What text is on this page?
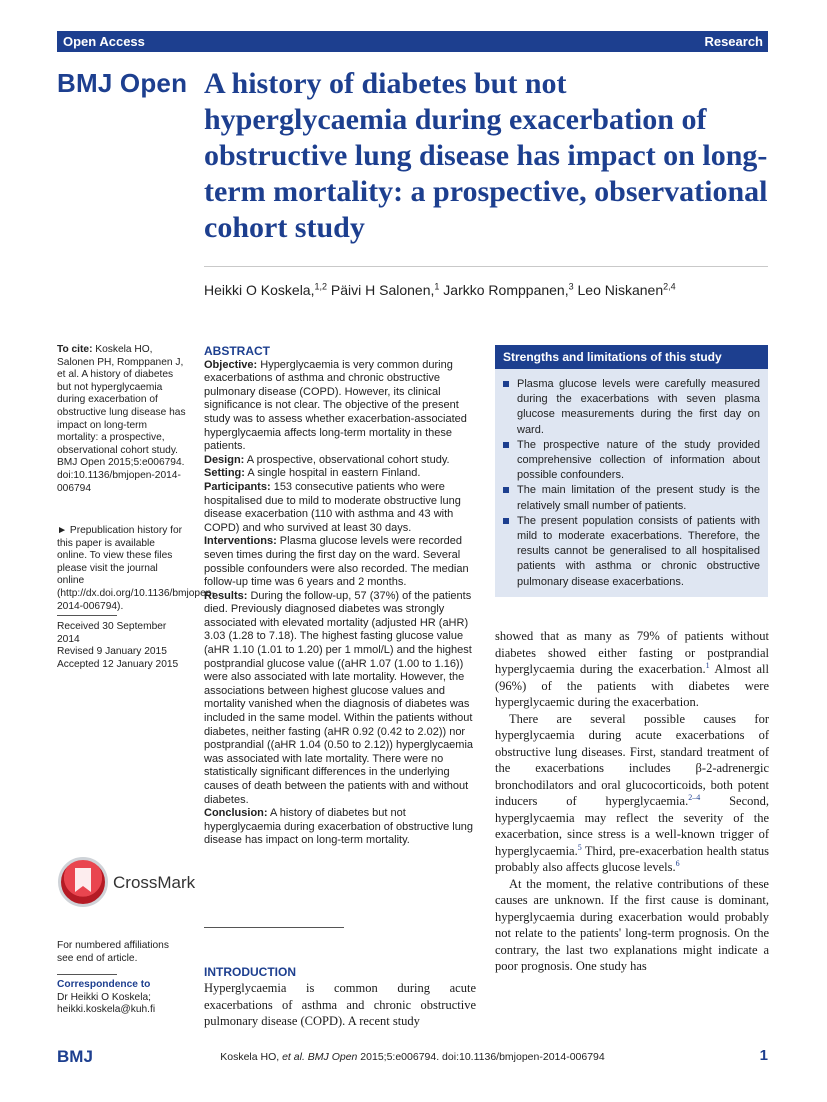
Open Access	Research
BMJ Open A history of diabetes but not hyperglycaemia during exacerbation of obstructive lung disease has impact on long-term mortality: a prospective, observational cohort study
Heikki O Koskela,$^{1,2}$ Päivi H Salonen,$^1$ Jarkko Romppanen,$^3$ Leo Niskanen$^{2,4}$
To cite: Koskela HO, Salonen PH, Romppanen J, et al. A history of diabetes but not hyperglycaemia during exacerbation of obstructive lung disease has impact on long-term mortality: a prospective, observational cohort study. BMJ Open 2015;5:e006794. doi:10.1136/bmjopen-2014-006794
► Prepublication history for this paper is available online. To view these files please visit the journal online (http://dx.doi.org/10.1136/bmjopen-2014-006794).
Received 30 September 2014
Revised 9 January 2015
Accepted 12 January 2015
CrossMark
For numbered affiliations see end of article.
Correspondence to
Dr Heikki O Koskela;
heikki.koskela@kuh.fi
ABSTRACT
Objective: Hyperglycaemia is very common during exacerbations of asthma and chronic obstructive pulmonary disease (COPD). However, its clinical significance is not clear. The objective of the present study was to assess whether exacerbation-associated hyperglycaemia affects long-term mortality in these patients.
Design: A prospective, observational cohort study.
Setting: A single hospital in eastern Finland.
Participants: 153 consecutive patients who were hospitalised due to mild to moderate obstructive lung disease exacerbation (110 with asthma and 43 with COPD) and who survived at least 30 days.
Interventions: Plasma glucose levels were recorded seven times during the first day on the ward. Several possible confounders were also recorded. The median follow-up time was 6 years and 2 months.
Results: During the follow-up, 57 (37%) of the patients died. Previously diagnosed diabetes was strongly associated with elevated mortality (adjusted HR (aHR) 3.03 (1.28 to 7.18). The highest fasting glucose value (aHR 1.10 (1.01 to 1.20) per 1 mmol/L) and the highest postprandial glucose value ((aHR 1.07 (1.00 to 1.16)) were also associated with late mortality. However, the associations between highest glucose values and mortality vanished when the diagnosis of diabetes was included in the same model. Within the patients without diabetes, neither fasting (aHR 0.92 (0.42 to 2.02)) nor postprandial ((aHR 1.04 (0.50 to 2.12)) hyperglycaemia was associated with late mortality. There were no statistically significant differences in the underlying causes of death between the patients with and without diabetes.
Conclusion: A history of diabetes but not hyperglycaemia during exacerbation of obstructive lung disease has impact on long-term mortality.
INTRODUCTION

Hyperglycaemia is common during acute exacerbations of asthma and chronic obstructive pulmonary disease (COPD). A recent study

Strengths and limitations of this study
Plasma glucose levels were carefully measured during the exacerbations with seven plasma glucose measurements during the first day on ward.
The prospective nature of the study provided comprehensive collection of information about possible confounders.
The main limitation of the present study is the relatively small number of patients.
The present population consists of patients with mild to moderate exacerbations. Therefore, the results cannot be generalised to all hospitalised patients with asthma or chronic obstructive pulmonary disease exacerbations.

showed that as many as 79% of patients without diabetes showed either fasting or postprandial hyperglycaemia during the exacerbation.$^1$ Almost all (96%) of the patients with diabetes were hyperglycaemic during the exacerbation.

There are several possible causes for hyperglycaemia during acute exacerbations of obstructive lung diseases. First, standard treatment of the exacerbations includes β-2-adrenergic bronchodilators and oral glucocorticoids, both potent inducers of hyperglycaemia.$^{2-4}$ Second, hyperglycaemia may reflect the severity of the exacerbation, since stress is a well-known trigger of hyperglycaemia.$^5$ Third, pre-exacerbation health status probably also affects glucose levels.$^6$

At the moment, the relative contributions of these causes are unknown. If the first cause is dominant, hyperglycaemia during exacerbation would probably not relate to the patients' long-term prognosis. On the contrary, the last two explanations might indicate a poor prognosis. One study has

BMJ	Koskela HO, et al. BMJ Open 2015;5:e006794. doi:10.1136/bmjopen-2014-006794	1
